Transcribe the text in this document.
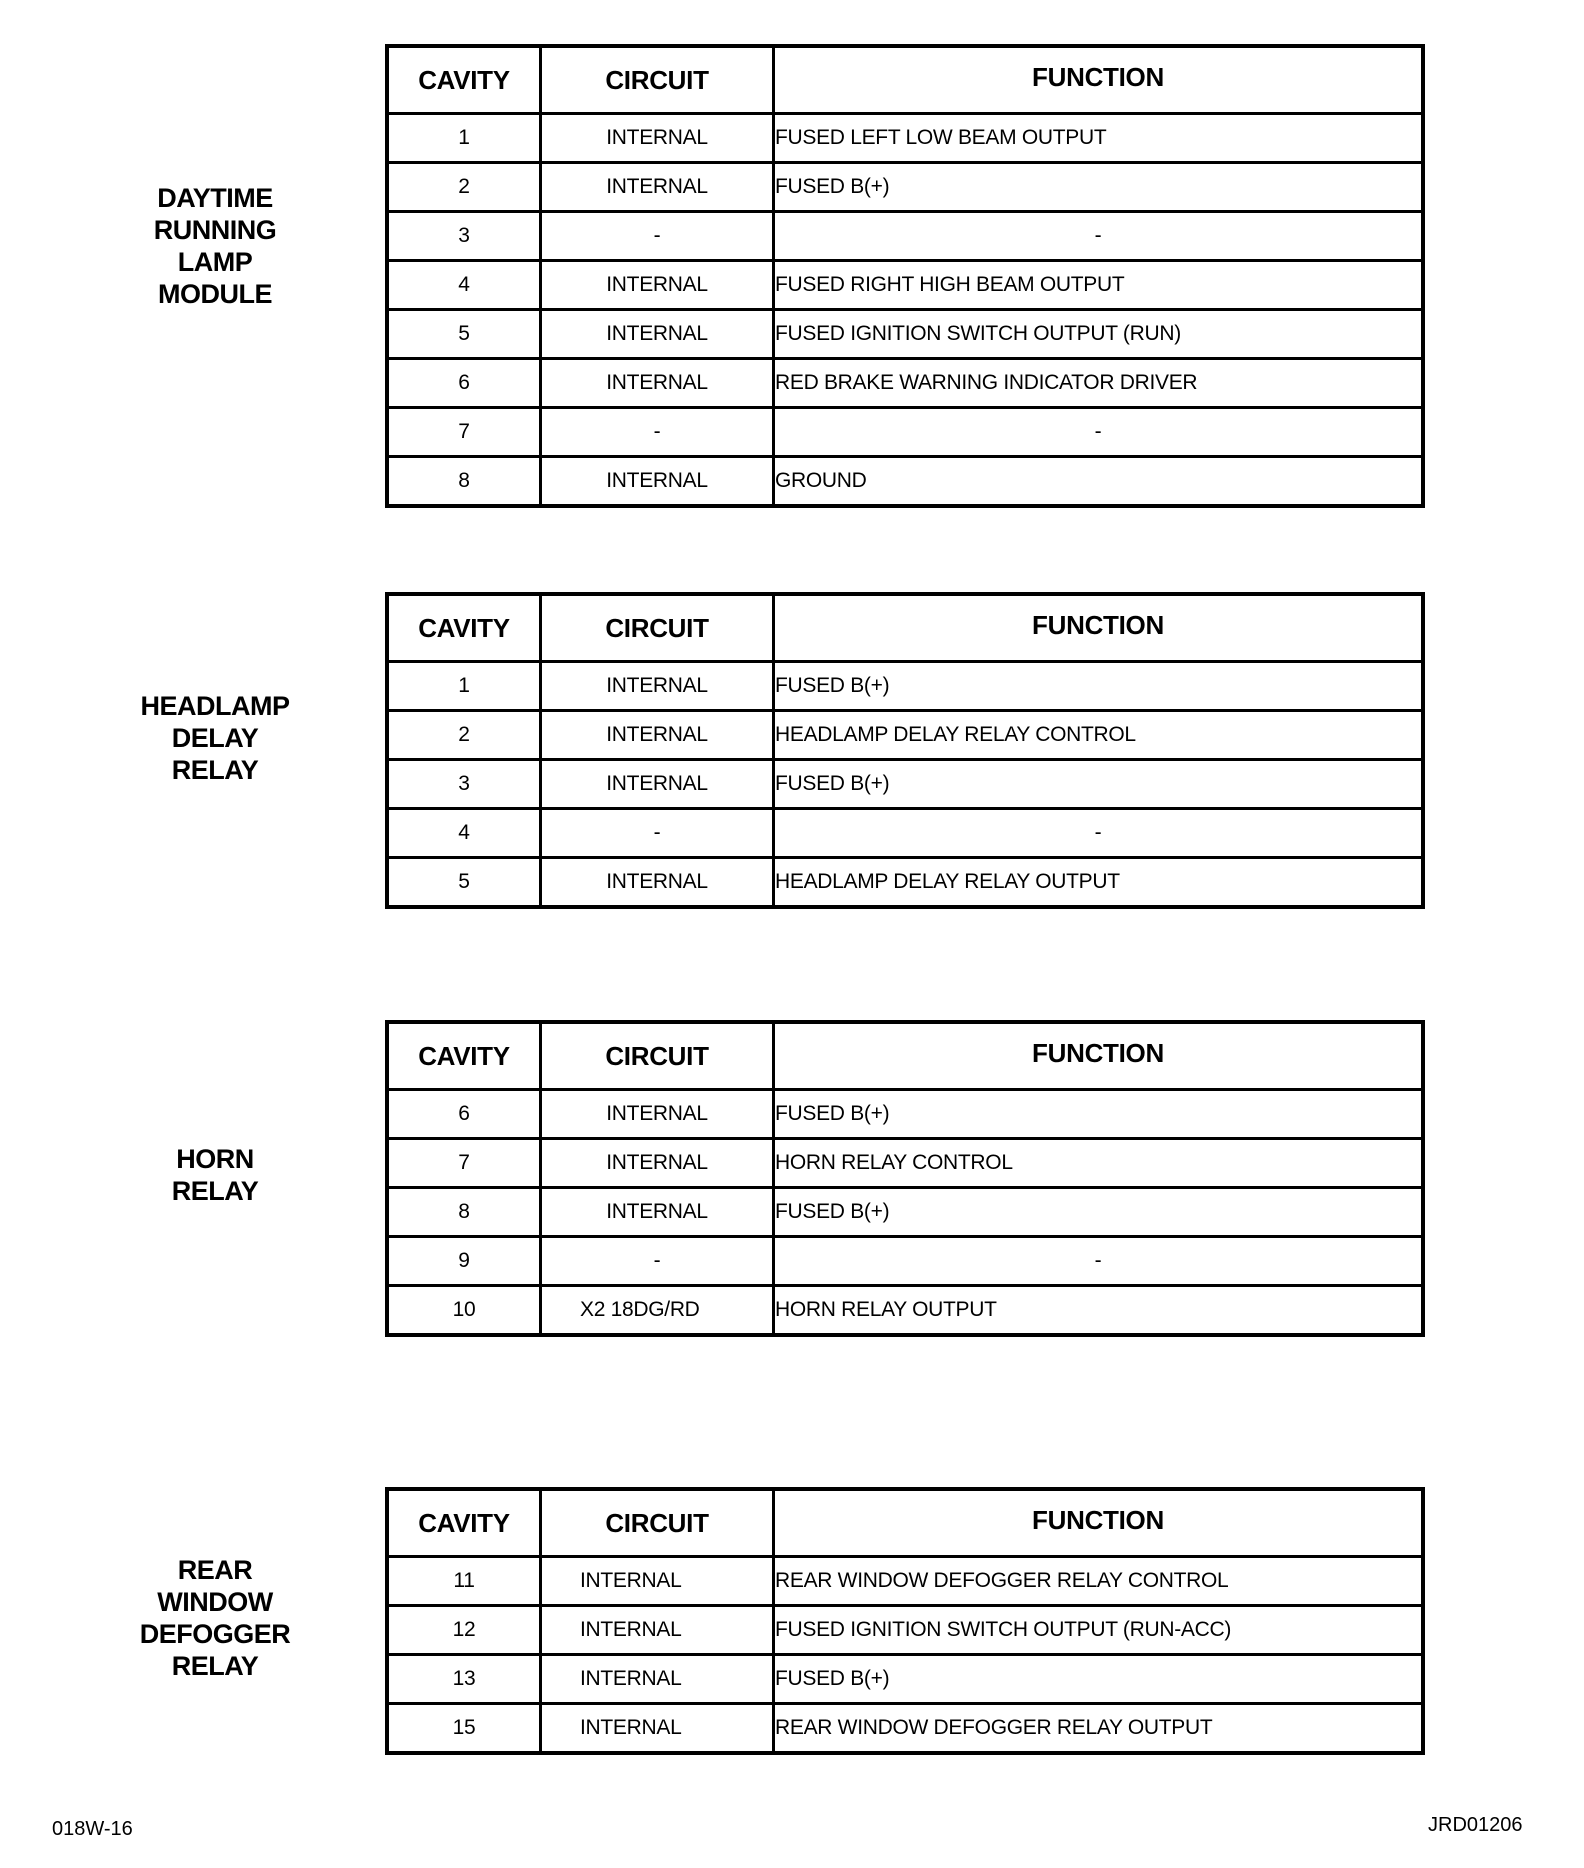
DAYTIME
RUNNING
LAMP
MODULE
CAVITY	CIRCUIT	FUNCTION
1	INTERNAL	FUSED LEFT LOW BEAM OUTPUT
2	INTERNAL	FUSED B(+)
3	-	-
4	INTERNAL	FUSED RIGHT HIGH BEAM OUTPUT
5	INTERNAL	FUSED IGNITION SWITCH OUTPUT (RUN)
6	INTERNAL	RED BRAKE WARNING INDICATOR DRIVER
7	-	-
8	INTERNAL	GROUND
HEADLAMP
DELAY
RELAY
CAVITY	CIRCUIT	FUNCTION
1	INTERNAL	FUSED B(+)
2	INTERNAL	HEADLAMP DELAY RELAY CONTROL
3	INTERNAL	FUSED B(+)
4	-	-
5	INTERNAL	HEADLAMP DELAY RELAY OUTPUT
HORN
RELAY
CAVITY	CIRCUIT	FUNCTION
6	INTERNAL	FUSED B(+)
7	INTERNAL	HORN RELAY CONTROL
8	INTERNAL	FUSED B(+)
9	-	-
10	X2 18DG/RD	HORN RELAY OUTPUT
REAR
WINDOW
DEFOGGER
RELAY
CAVITY	CIRCUIT	FUNCTION
11	INTERNAL	REAR WINDOW DEFOGGER RELAY CONTROL
12	INTERNAL	FUSED IGNITION SWITCH OUTPUT (RUN-ACC)
13	INTERNAL	FUSED B(+)
15	INTERNAL	REAR WINDOW DEFOGGER RELAY OUTPUT
018W-16	JRD01206
